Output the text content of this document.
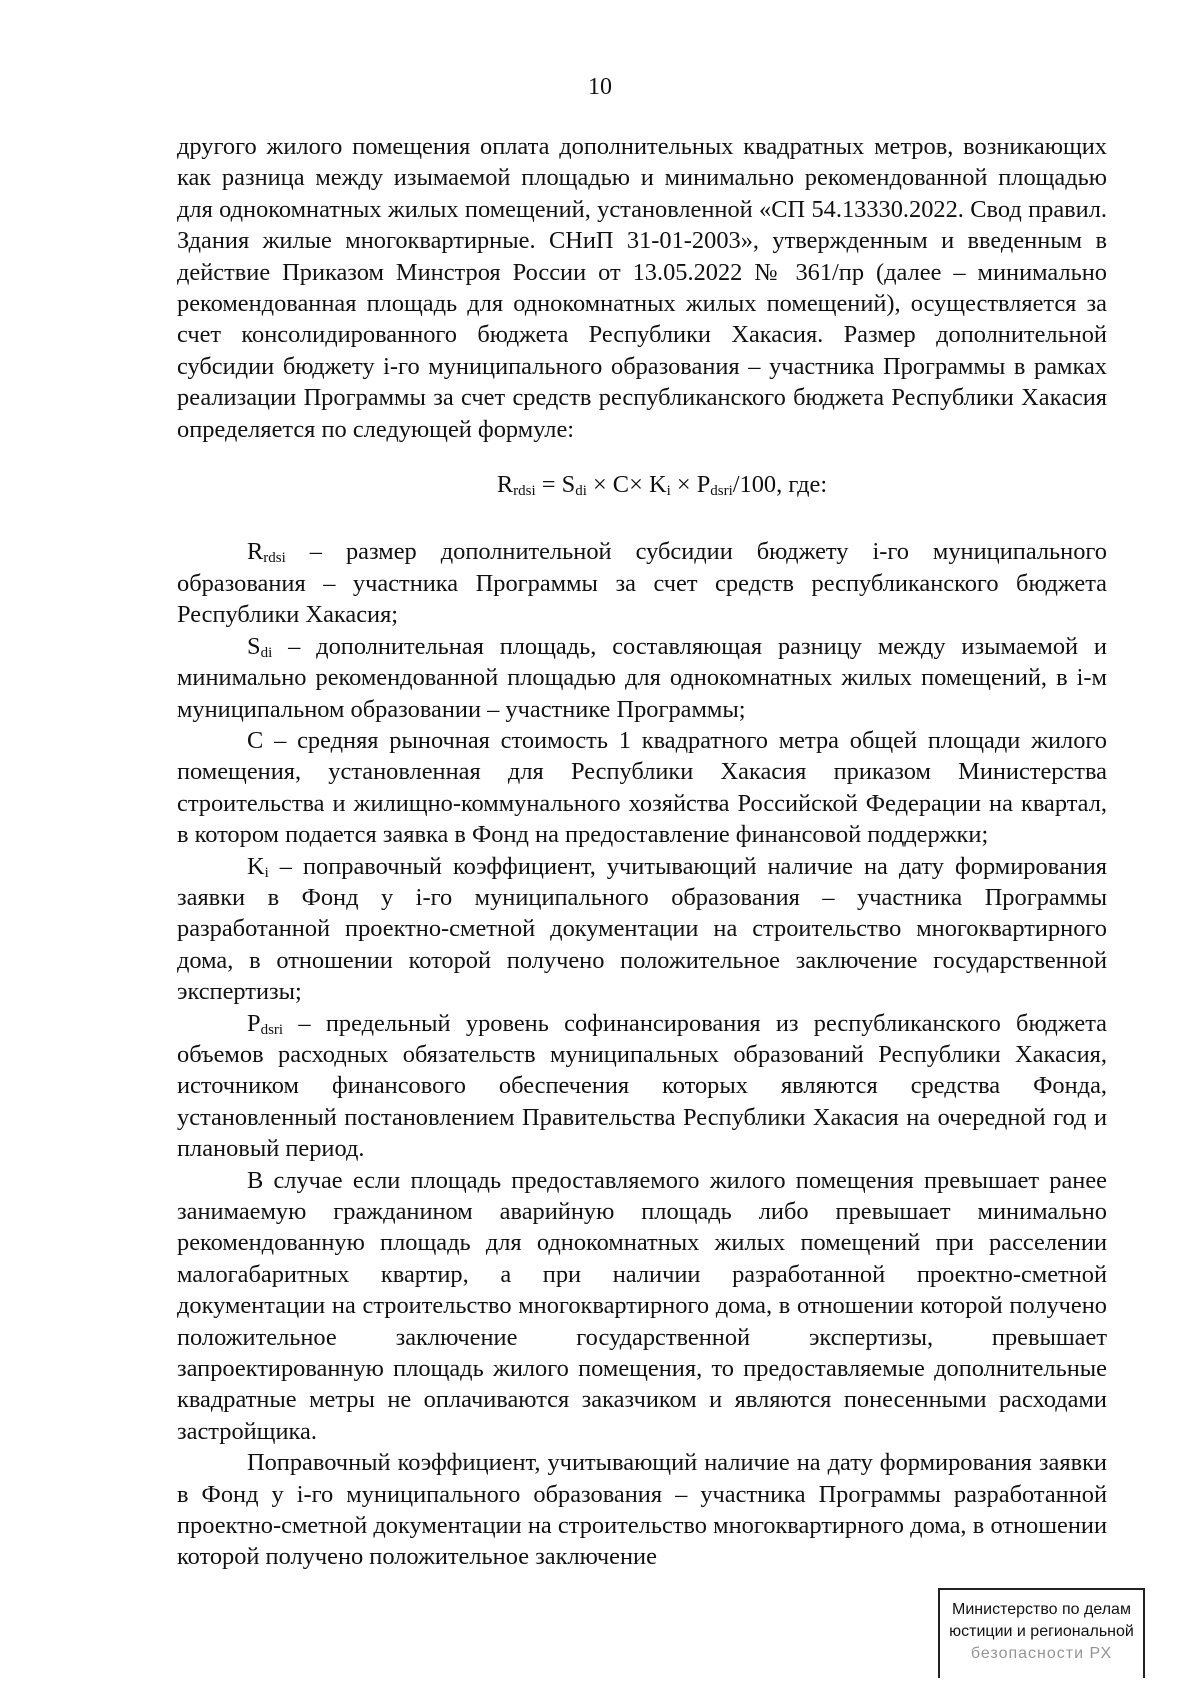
10

другого жилого помещения оплата дополнительных квадратных метров, возникающих как разница между изымаемой площадью и минимально рекомендованной площадью для однокомнатных жилых помещений, установленной «СП 54.13330.2022. Свод правил. Здания жилые многоквартирные. СНиП 31-01-2003», утвержденным и введенным в действие Приказом Минстроя России от 13.05.2022 № 361/пр (далее – минимально рекомендованная площадь для однокомнатных жилых помещений), осуществляется за счет консолидированного бюджета Республики Хакасия. Размер дополнительной субсидии бюджету i-го муниципального образования – участника Программы в рамках реализации Программы за счет средств республиканского бюджета Республики Хакасия определяется по следующей формуле:

$R_{rdsi} = S_{di} \times C\times K_i \times P_{dsri}/100$, где:

$R_{rdsi}$ – размер дополнительной субсидии бюджету i-го муниципального образования – участника Программы за счет средств республиканского бюджета Республики Хакасия;

$S_{di}$ – дополнительная площадь, составляющая разницу между изымаемой и минимально рекомендованной площадью для однокомнатных жилых помещений, в i-м муниципальном образовании – участнике Программы;

С – средняя рыночная стоимость 1 квадратного метра общей площади жилого помещения, установленная для Республики Хакасия приказом Министерства строительства и жилищно-коммунального хозяйства Российской Федерации на квартал, в котором подается заявка в Фонд на предоставление финансовой поддержки;

$K_i$ – поправочный коэффициент, учитывающий наличие на дату формирования заявки в Фонд у i-го муниципального образования – участника Программы разработанной проектно-сметной документации на строительство многоквартирного дома, в отношении которой получено положительное заключение государственной экспертизы;

$P_{dsri}$ – предельный уровень софинансирования из республиканского бюджета объемов расходных обязательств муниципальных образований Республики Хакасия, источником финансового обеспечения которых являются средства Фонда, установленный постановлением Правительства Республики Хакасия на очередной год и плановый период.

В случае если площадь предоставляемого жилого помещения превышает ранее занимаемую гражданином аварийную площадь либо превышает минимально рекомендованную площадь для однокомнатных жилых помещений при расселении малогабаритных квартир, а при наличии разработанной проектно-сметной документации на строительство многоквартирного дома, в отношении которой получено положительное заключение государственной экспертизы, превышает запроектированную площадь жилого помещения, то предоставляемые дополнительные квадратные метры не оплачиваются заказчиком и являются понесенными расходами застройщика.

Поправочный коэффициент, учитывающий наличие на дату формирования заявки в Фонд у i-го муниципального образования – участника Программы разработанной проектно-сметной документации на строительство многоквартирного дома, в отношении которой получено положительное заключение

Министерство по делам
юстиции и региональной
безопасности РХ
